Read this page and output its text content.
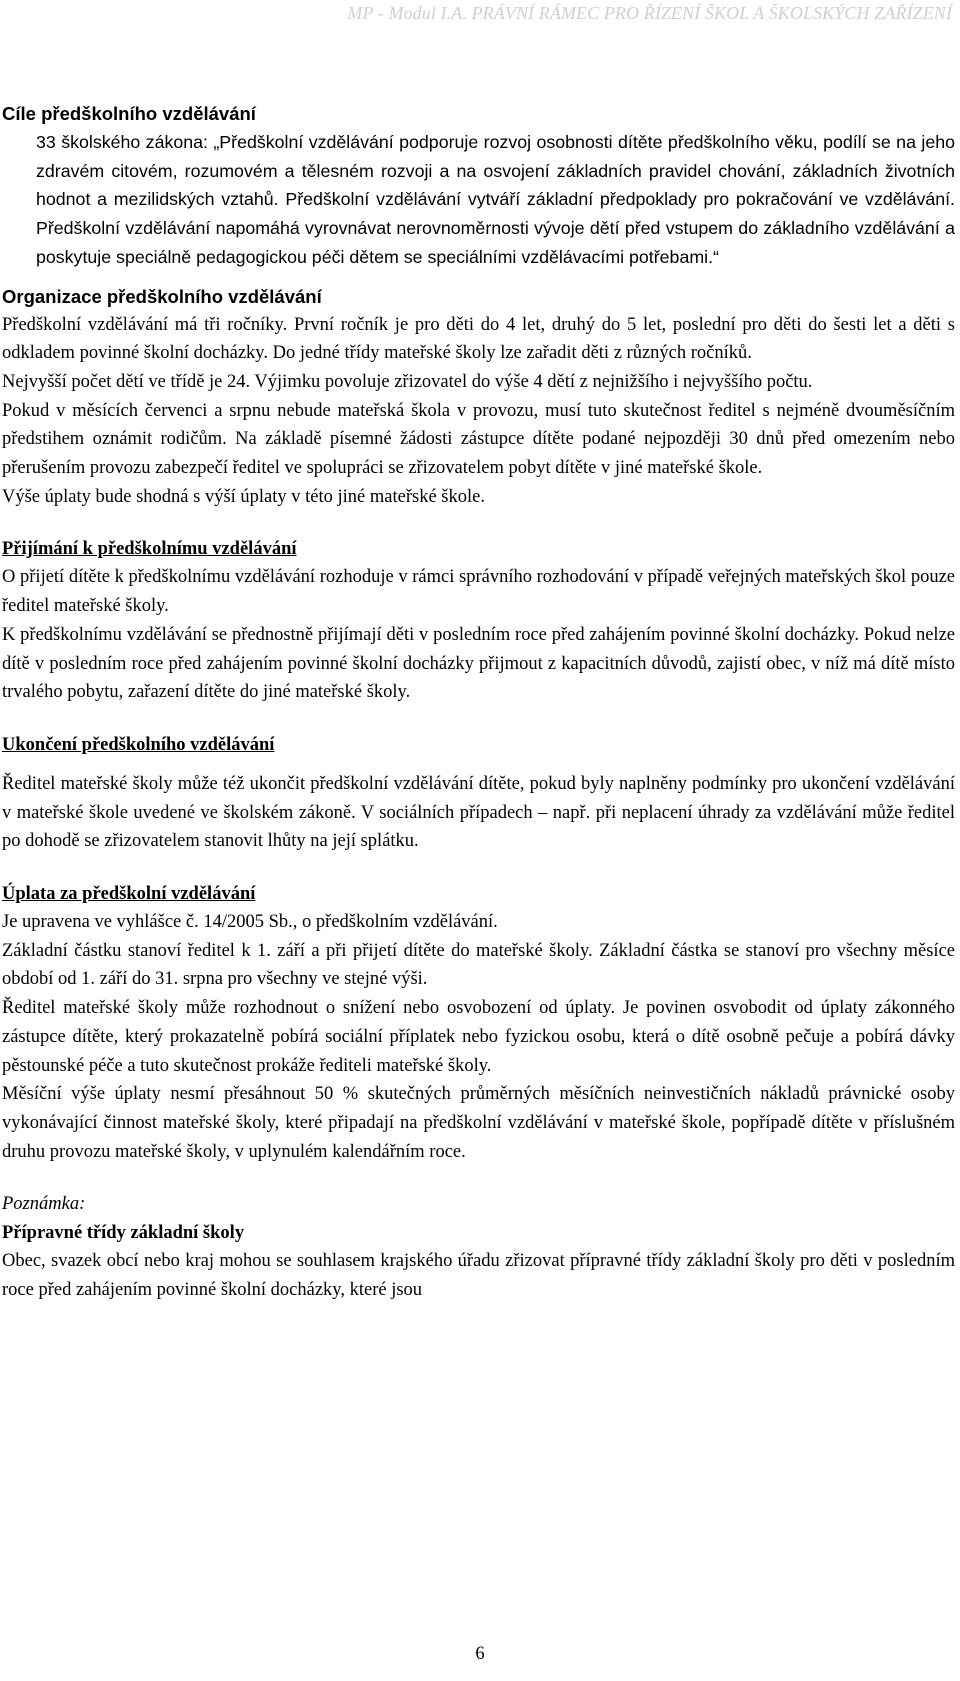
MP - Modul I.A. PRÁVNÍ RÁMEC PRO ŘÍZENÍ ŠKOL A ŠKOLSKÝCH ZAŘÍZENÍ
Cíle předškolního vzdělávání

33 školského zákona: „Předškolní vzdělávání podporuje rozvoj osobnosti dítěte předškolního věku, podílí se na jeho zdravém citovém, rozumovém a tělesném rozvoji a na osvojení základních pravidel chování, základních životních hodnot a mezilidských vztahů. Předškolní vzdělávání vytváří základní předpoklady pro pokračování ve vzdělávání. Předškolní vzdělávání napomáhá vyrovnávat nerovnoměrnosti vývoje dětí před vstupem do základního vzdělávání a poskytuje speciálně pedagogickou péči dětem se speciálními vzdělávacími potřebami.“

Organizace předškolního vzdělávání

Předškolní vzdělávání má tři ročníky. První ročník je pro děti do 4 let, druhý do 5 let, poslední pro děti do šesti let a děti s odkladem povinné školní docházky. Do jedné třídy mateřské školy lze zařadit děti z různých ročníků.

Nejvyšší počet dětí ve třídě je 24. Výjimku povoluje zřizovatel do výše 4 dětí z nejnižšího i nejvyššího počtu.

Pokud v měsících červenci a srpnu nebude mateřská škola v provozu, musí tuto skutečnost ředitel s nejméně dvouměsíčním předstihem oznámit rodičům. Na základě písemné žádosti zástupce dítěte podané nejpozději 30 dnů před omezením nebo přerušením provozu zabezpečí ředitel ve spolupráci se zřizovatelem pobyt dítěte v jiné mateřské škole.

Výše úplaty bude shodná s výší úplaty v této jiné mateřské škole.

Přijímání k předškolnímu vzdělávání

O přijetí dítěte k předškolnímu vzdělávání rozhoduje v rámci správního rozhodování v případě veřejných mateřských škol pouze ředitel mateřské školy.

K předškolnímu vzdělávání se přednostně přijímají děti v posledním roce před zahájením povinné školní docházky. Pokud nelze dítě v posledním roce před zahájením povinné školní docházky přijmout z kapacitních důvodů, zajistí obec, v níž má dítě místo trvalého pobytu, zařazení dítěte do jiné mateřské školy.

Ukončení předškolního vzdělávání

Ředitel mateřské školy může též ukončit předškolní vzdělávání dítěte, pokud byly naplněny podmínky pro ukončení vzdělávání v mateřské škole uvedené ve školském zákoně. V sociálních případech – např. při neplacení úhrady za vzdělávání může ředitel po dohodě se zřizovatelem stanovit lhůty na její splátku.

Úplata za předškolní vzdělávání

Je upravena ve vyhlášce č. 14/2005 Sb., o předškolním vzdělávání.

Základní částku stanoví ředitel k 1. září a při přijetí dítěte do mateřské školy. Základní částka se stanoví pro všechny měsíce období od 1. září do 31. srpna pro všechny ve stejné výši.

Ředitel mateřské školy může rozhodnout o snížení nebo osvobození od úplaty. Je povinen osvobodit od úplaty zákonného zástupce dítěte, který prokazatelně pobírá sociální příplatek nebo fyzickou osobu, která o dítě osobně pečuje a pobírá dávky pěstounské péče a tuto skutečnost prokáže řediteli mateřské školy.

Měsíční výše úplaty nesmí přesáhnout 50 % skutečných průměrných měsíčních neinvestičních nákladů právnické osoby vykonávající činnost mateřské školy, které připadají na předškolní vzdělávání v mateřské škole, popřípadě dítěte v příslušném druhu provozu mateřské školy, v uplynulém kalendářním roce.

Poznámka:

Přípravné třídy základní školy

Obec, svazek obcí nebo kraj mohou se souhlasem krajského úřadu zřizovat přípravné třídy základní školy pro děti v posledním roce před zahájením povinné školní docházky, které jsou

6
